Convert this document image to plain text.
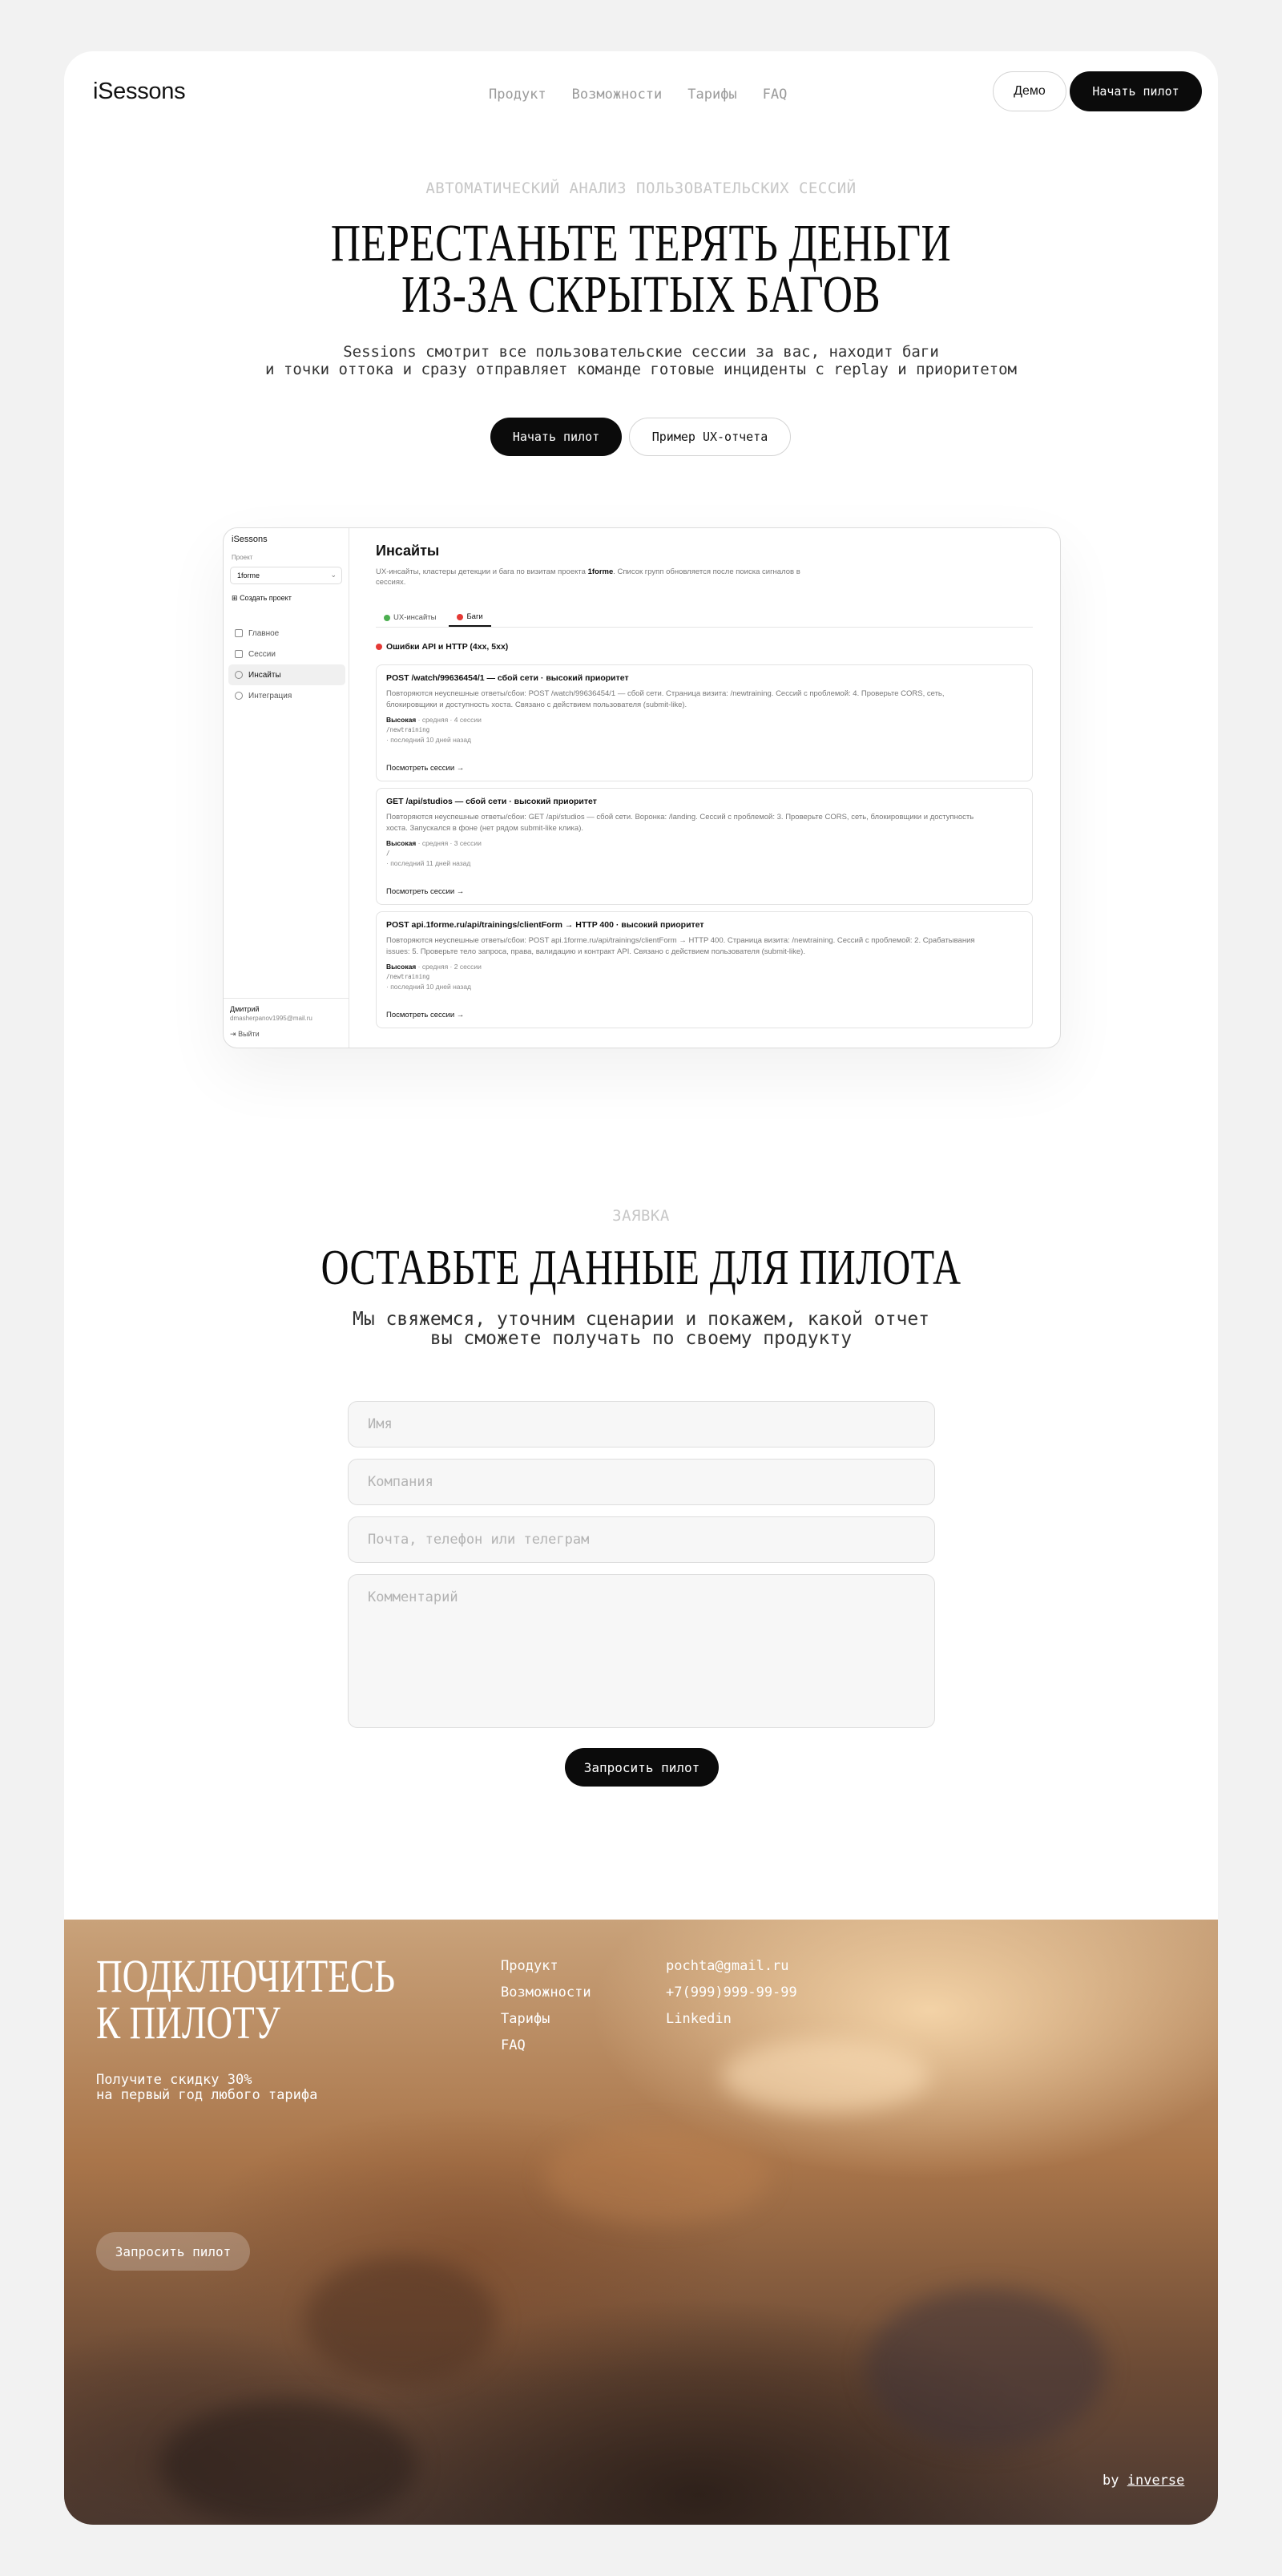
iSessons	Продукт Возможности Тарифы FAQ	Демо	Начать пилот
АВТОМАТИЧЕСКИЙ АНАЛИЗ ПОЛЬЗОВАТЕЛЬСКИХ СЕССИЙ
ПЕРЕСТАНЬТЕ ТЕРЯТЬ ДЕНЬГИ
ИЗ-ЗА СКРЫТЫХ БАГОВ
Sessions смотрит все пользовательские сессии за вас, находит баги
и точки оттока и сразу отправляет команде готовые инциденты с replay и приоритетом
Начать пилот	Пример UX-отчета
iSessons
Проект
1forme	⌄
⊞ Создать проект
Главное
Сессии
Инсайты
Интеграция
Дмитрий
dmasherpanov1995@mail.ru
⇥ Выйти
Инсайты
UX-инсайты, кластеры детекции и бага по визитам проекта 1forme. Список групп обновляется после поиска сигналов в сессиях.
UX-инсайты	Баги
Ошибки API и HTTP (4xx, 5xx)
POST /watch/99636454/1 — сбой сети · высокий приоритет
Повторяются неуспешные ответы/сбои: POST /watch/99636454/1 — сбой сети. Страница визита: /newtraining. Сессий с проблемой: 4. Проверьте CORS, сеть, блокировщики и доступность хоста. Связано с действием пользователя (submit-like).
Высокая · средняя · 4 сессии
/newtraining
· последний 10 дней назад
Посмотреть сессии →
GET /api/studios — сбой сети · высокий приоритет
Повторяются неуспешные ответы/сбои: GET /api/studios — сбой сети. Воронка: /landing. Сессий с проблемой: 3. Проверьте CORS, сеть, блокировщики и доступность хоста. Запускался в фоне (нет рядом submit-like клика).
Высокая · средняя · 3 сессии
/
· последний 11 дней назад
Посмотреть сессии →
POST api.1forme.ru/api/trainings/clientForm → HTTP 400 · высокий приоритет
Повторяются неуспешные ответы/сбои: POST api.1forme.ru/api/trainings/clientForm → HTTP 400. Страница визита: /newtraining. Сессий с проблемой: 2. Срабатывания issues: 5. Проверьте тело запроса, права, валидацию и контракт API. Связано с действием пользователя (submit-like).
Высокая · средняя · 2 сессии
/newtraining
· последний 10 дней назад
Посмотреть сессии →
ЗАЯВКА
ОСТАВЬТЕ ДАННЫЕ ДЛЯ ПИЛОТА
Мы свяжемся, уточним сценарии и покажем, какой отчет
вы сможете получать по своему продукту
Имя
Компания
Почта, телефон или телеграм
Комментарий
Запросить пилот
ПОДКЛЮЧИТЕСЬ
К ПИЛОТУ
Получите скидку 30%
на первый год любого тарифа
Продукт
Возможности
Тарифы
FAQ
pochta@gmail.ru
+7(999)999-99-99
Linkedin
Запросить пилот
by inverse
